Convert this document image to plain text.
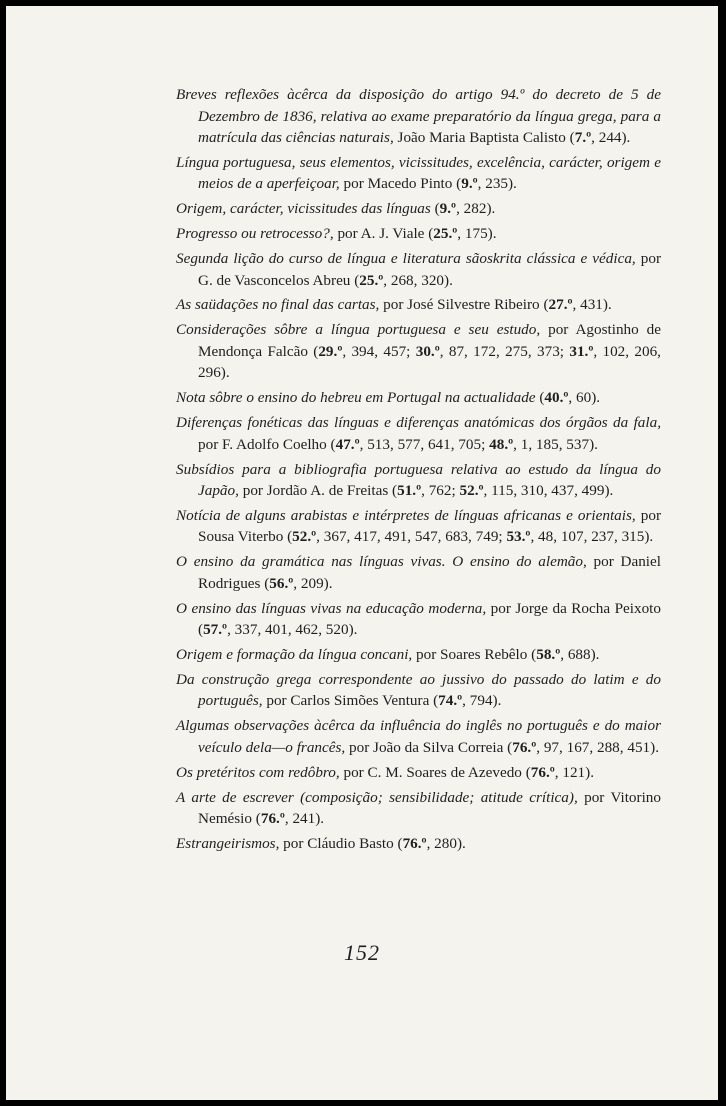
Breves reflexões àcêrca da disposição do artigo 94.º do decreto de 5 de Dezembro de 1836, relativa ao exame preparatório da língua grega, para a matrícula das ciências naturais, João Maria Baptista Calisto (7.º, 244).
Língua portuguesa, seus elementos, vicissitudes, excelência, carácter, origem e meios de a aperfeiçoar, por Macedo Pinto (9.º, 235).
Origem, carácter, vicissitudes das línguas (9.º, 282).
Progresso ou retrocesso?, por A. J. Viale (25.º, 175).
Segunda lição do curso de língua e literatura sãoskrita clássica e védica, por G. de Vasconcelos Abreu (25.º, 268, 320).
As saüdações no final das cartas, por José Silvestre Ribeiro (27.º, 431).
Considerações sôbre a língua portuguesa e seu estudo, por Agostinho de Mendonça Falcão (29.º, 394, 457; 30.º, 87, 172, 275, 373; 31.º, 102, 206, 296).
Nota sôbre o ensino do hebreu em Portugal na actualidade (40.º, 60).
Diferenças fonéticas das línguas e diferenças anatómicas dos órgãos da fala, por F. Adolfo Coelho (47.º, 513, 577, 641, 705; 48.º, 1, 185, 537).
Subsídios para a bibliografia portuguesa relativa ao estudo da língua do Japão, por Jordão A. de Freitas (51.º, 762; 52.º, 115, 310, 437, 499).
Notícia de alguns arabistas e intérpretes de línguas africanas e orientais, por Sousa Viterbo (52.º, 367, 417, 491, 547, 683, 749; 53.º, 48, 107, 237, 315).
O ensino da gramática nas línguas vivas. O ensino do alemão, por Daniel Rodrigues (56.º, 209).
O ensino das línguas vivas na educação moderna, por Jorge da Rocha Peixoto (57.º, 337, 401, 462, 520).
Origem e formação da língua concani, por Soares Rebêlo (58.º, 688).
Da construção grega correspondente ao jussivo do passado do latim e do português, por Carlos Simões Ventura (74.º, 794).
Algumas observações àcêrca da influência do inglês no português e do maior veículo dela—o francês, por João da Silva Correia (76.º, 97, 167, 288, 451).
Os pretéritos com redôbro, por C. M. Soares de Azevedo (76.º, 121).
A arte de escrever (composição; sensibilidade; atitude crítica), por Vitorino Nemésio (76.º, 241).
Estrangeirismos, por Cláudio Basto (76.º, 280).
152
